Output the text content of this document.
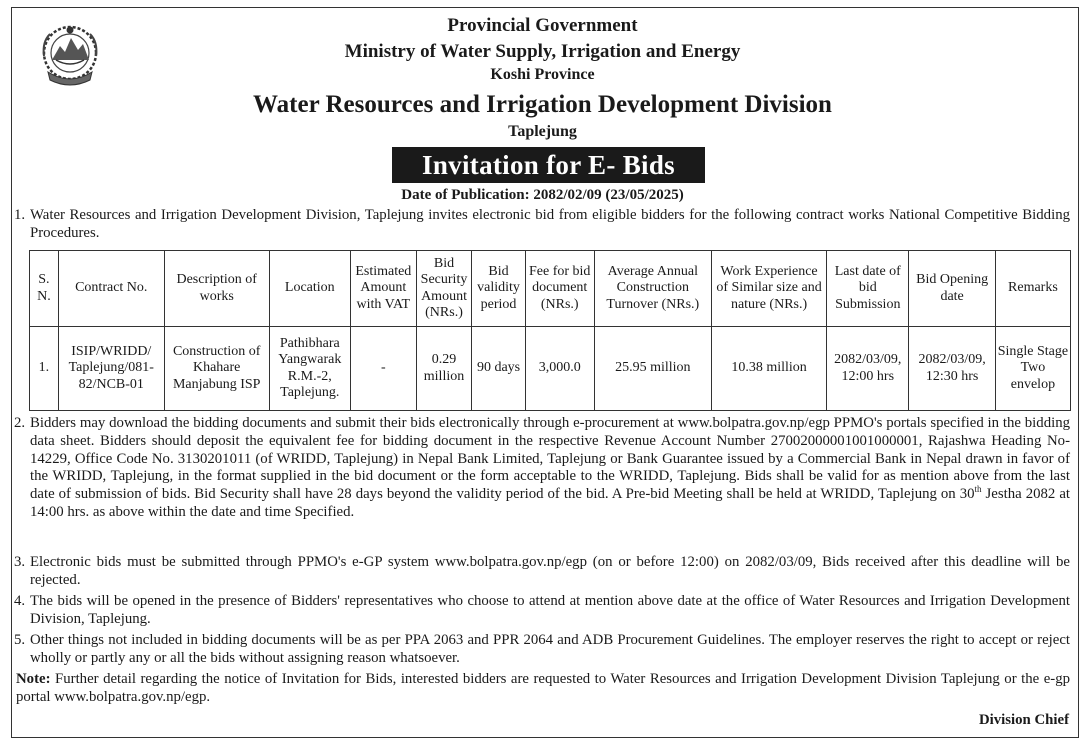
Provincial Government
Ministry of Water Supply, Irrigation and Energy
Koshi Province
Water Resources and Irrigation Development Division
Taplejung
Invitation for E- Bids
Date of Publication: 2082/02/09 (23/05/2025)
1. Water Resources and Irrigation Development Division, Taplejung invites electronic bid from eligible bidders for the following contract works National Competitive Bidding Procedures.
S. N.	Contract No.	Description of works	Location	Estimated Amount with VAT	Bid Security Amount (NRs.)	Bid validity period	Fee for bid document (NRs.)	Average Annual Construction Turnover (NRs.)	Work Experience of Similar size and nature (NRs.)	Last date of bid Submission	Bid Opening date	Remarks
1.	ISIP/WRIDD/ Taplejung/081-82/NCB-01	Construction of Khahare Manjabung ISP	Pathibhara Yangwarak R.M.-2, Taplejung.	-	0.29 million	90 days	3,000.0	25.95 million	10.38 million	2082/03/09, 12:00 hrs	2082/03/09, 12:30 hrs	Single Stage Two envelop
2. Bidders may download the bidding documents and submit their bids electronically through e-procurement at www.bolpatra.gov.np/egp PPMO's portals specified in the bidding data sheet. Bidders should deposit the equivalent fee for bidding document in the respective Revenue Account Number 27002000001001000001, Rajashwa Heading No- 14229, Office Code No. 3130201011 (of WRIDD, Taplejung) in Nepal Bank Limited, Taplejung or Bank Guarantee issued by a Commercial Bank in Nepal drawn in favor of the WRIDD, Taplejung, in the format supplied in the bid document or the form acceptable to the WRIDD, Taplejung. Bids shall be valid for as mention above from the last date of submission of bids. Bid Security shall have 28 days beyond the validity period of the bid. A Pre-bid Meeting shall be held at WRIDD, Taplejung on 30th Jestha 2082 at 14:00 hrs. as above within the date and time Specified.
3. Electronic bids must be submitted through PPMO's e-GP system www.bolpatra.gov.np/egp (on or before 12:00) on 2082/03/09, Bids received after this deadline will be rejected.
4. The bids will be opened in the presence of Bidders' representatives who choose to attend at mention above date at the office of Water Resources and Irrigation Development Division, Taplejung.
5. Other things not included in bidding documents will be as per PPA 2063 and PPR 2064 and ADB Procurement Guidelines. The employer reserves the right to accept or reject wholly or partly any or all the bids without assigning reason whatsoever.
Note: Further detail regarding the notice of Invitation for Bids, interested bidders are requested to Water Resources and Irrigation Development Division Taplejung or the e-gp portal www.bolpatra.gov.np/egp.
Division Chief
